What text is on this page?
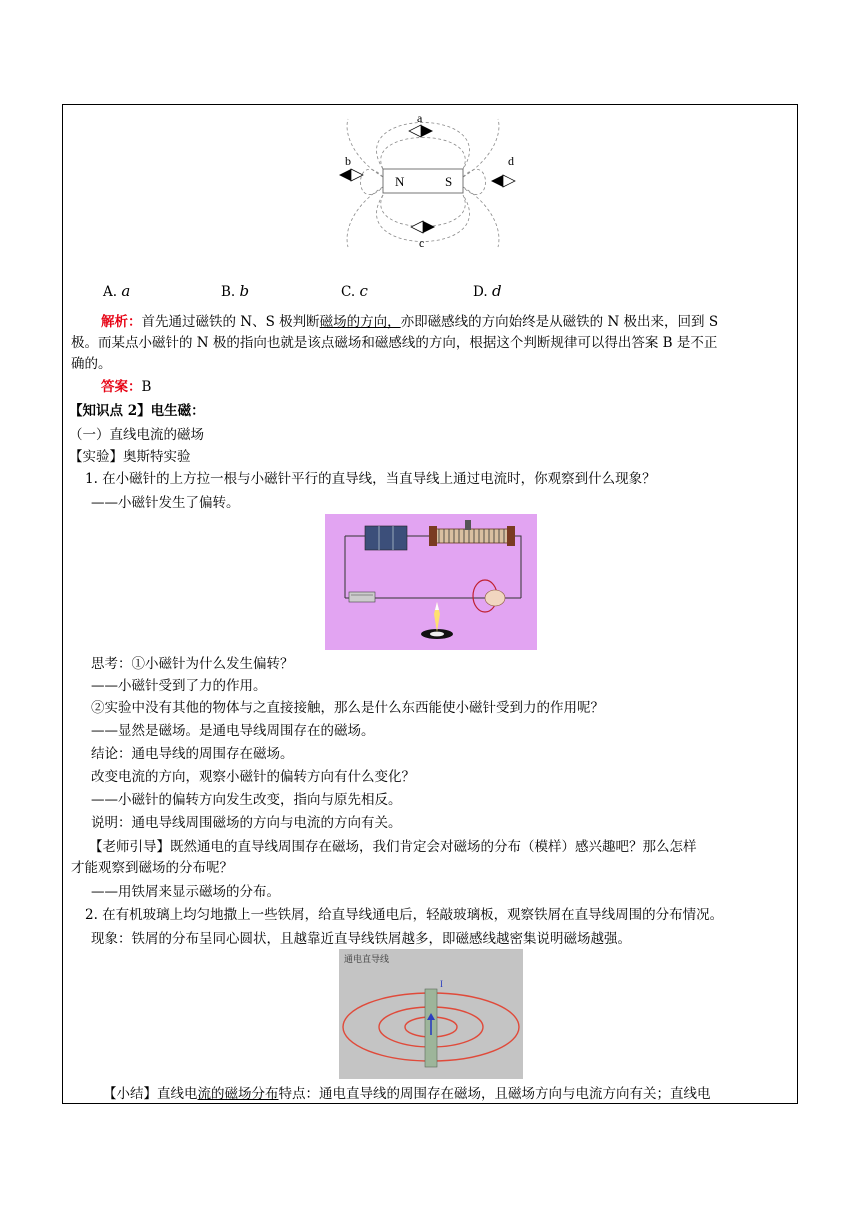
N	S
a
b
c
d
A. a	B. b	C. c	D. d
解析：首先通过磁铁的 N、S 极判断磁场的方向，亦即磁感线的方向始终是从磁铁的 N 极出来，回到 S
极。而某点小磁针的 N 极的指向也就是该点磁场和磁感线的方向，根据这个判断规律可以得出答案 B 是不正
确的。
答案：B
【知识点 2】电生磁：
（一）直线电流的磁场
【实验】奥斯特实验
1. 在小磁针的上方拉一根与小磁针平行的直导线，当直导线上通过电流时，你观察到什么现象？
——小磁针发生了偏转。
思考：①小磁针为什么发生偏转？
——小磁针受到了力的作用。
②实验中没有其他的物体与之直接接触，那么是什么东西能使小磁针受到力的作用呢？
——显然是磁场。是通电导线周围存在的磁场。
结论：通电导线的周围存在磁场。
改变电流的方向，观察小磁针的偏转方向有什么变化？
——小磁针的偏转方向发生改变，指向与原先相反。
说明：通电导线周围磁场的方向与电流的方向有关。
【老师引导】既然通电的直导线周围存在磁场，我们肯定会对磁场的分布（模样）感兴趣吧？那么怎样
才能观察到磁场的分布呢？
——用铁屑来显示磁场的分布。
2. 在有机玻璃上均匀地撒上一些铁屑，给直导线通电后，轻敲玻璃板，观察铁屑在直导线周围的分布情况。
现象：铁屑的分布呈同心圆状，且越靠近直导线铁屑越多，即磁感线越密集说明磁场越强。
通电直导线
I
【小结】直线电流的磁场分布特点：通电直导线的周围存在磁场，且磁场方向与电流方向有关；直线电
